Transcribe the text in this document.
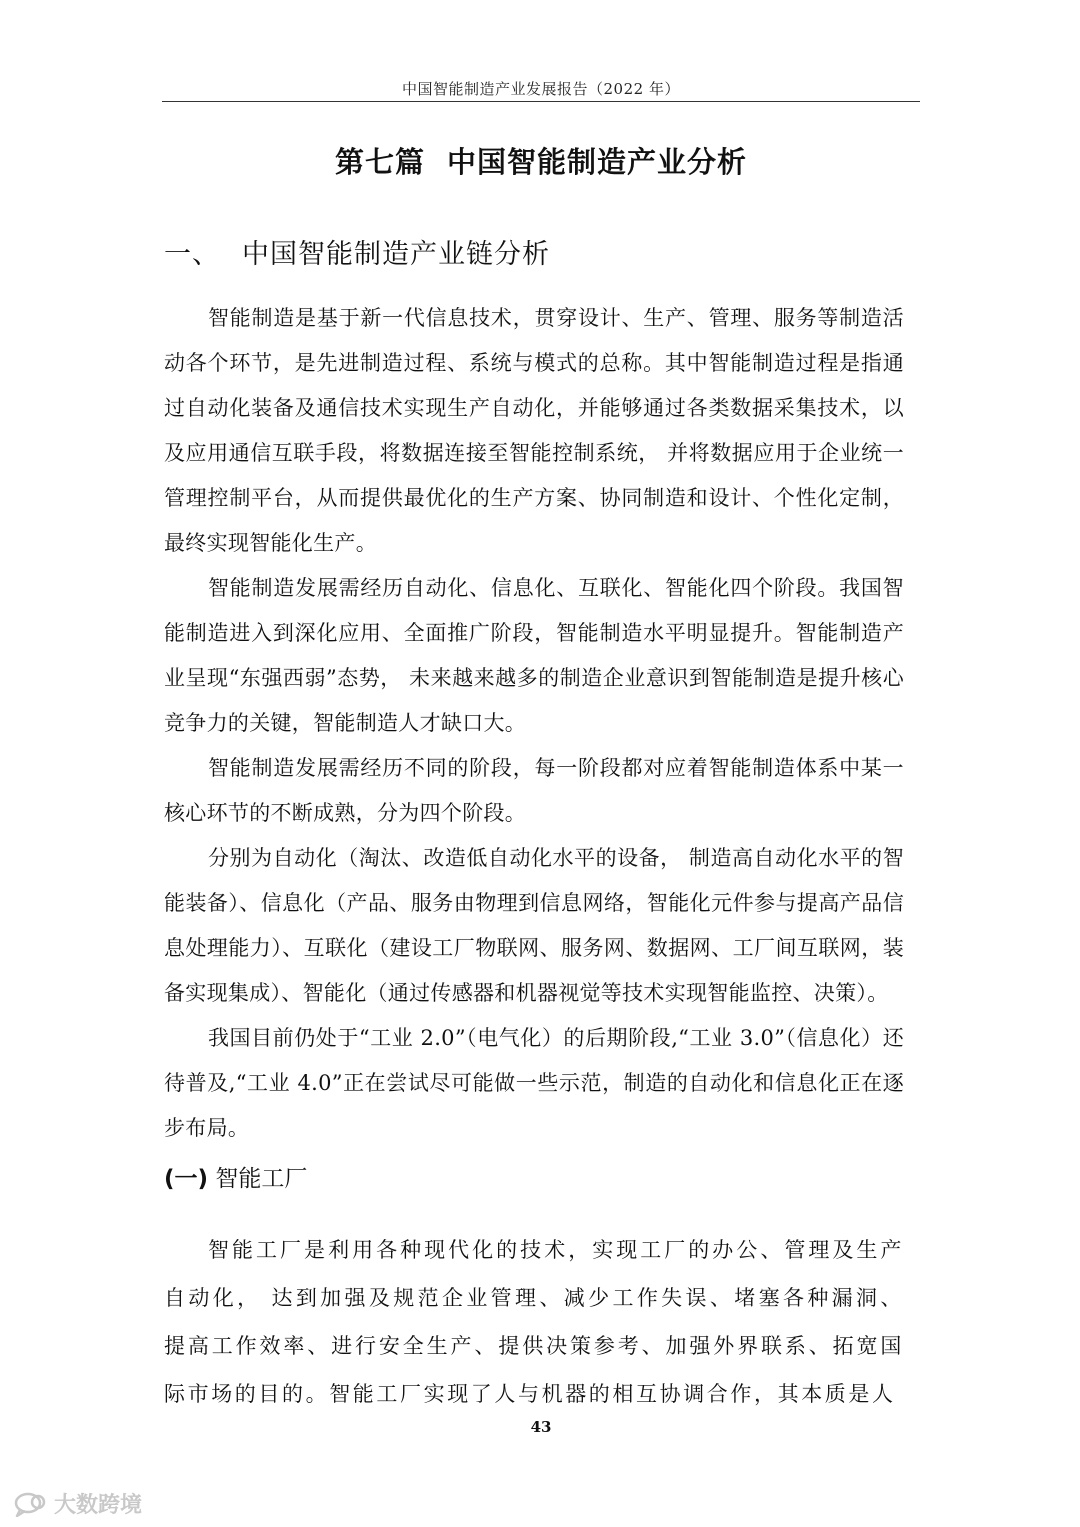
中国智能制造产业发展报告（2022 年）
第七篇 中国智能制造产业分析
一、 中国智能制造产业链分析

智能制造是基于新一代信息技术，贯穿设计、生产、管理、服务等制造活动各个环节，是先进制造过程、系统与模式的总称。其中智能制造过程是指通过自动化装备及通信技术实现生产自动化，并能够通过各类数据采集技术，以及应用通信互联手段，将数据连接至智能控制系统， 并将数据应用于企业统一管理控制平台，从而提供最优化的生产方案、协同制造和设计、个性化定制，最终实现智能化生产。

智能制造发展需经历自动化、信息化、互联化、智能化四个阶段。我国智能制造进入到深化应用、全面推广阶段，智能制造水平明显提升。智能制造产业呈现“东强西弱”态势， 未来越来越多的制造企业意识到智能制造是提升核心竞争力的关键，智能制造人才缺口大。

智能制造发展需经历不同的阶段，每一阶段都对应着智能制造体系中某一核心环节的不断成熟，分为四个阶段。

分别为自动化（淘汰、改造低自动化水平的设备， 制造高自动化水平的智能装备）、信息化（产品、服务由物理到信息网络，智能化元件参与提高产品信息处理能力）、互联化（建设工厂物联网、服务网、数据网、工厂间互联网，装备实现集成）、智能化（通过传感器和机器视觉等技术实现智能监控、决策）。

我国目前仍处于“工业 2.0”（电气化）的后期阶段,“工业 3.0”（信息化）还待普及,“工业 4.0”正在尝试尽可能做一些示范，制造的自动化和信息化正在逐步布局。

(一) 智能工厂

智能工厂是利用各种现代化的技术，实现工厂的办公、管理及生产自动化， 达到加强及规范企业管理、减少工作失误、堵塞各种漏洞、提高工作效率、进行安全生产、提供决策参考、加强外界联系、拓宽国际市场的目的。智能工厂实现了人与机器的相互协调合作，其本质是人

43
大数跨境
